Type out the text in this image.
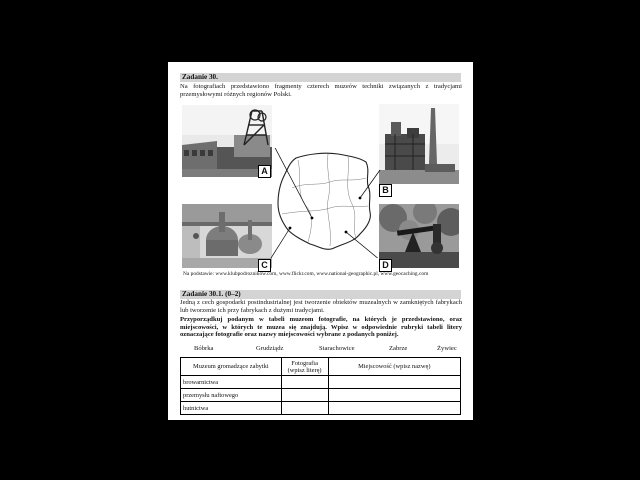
Zadanie 30.
Na fotografiach przedstawiono fragmenty czterech muzeów techniki związanych z tradycjami przemysłowymi różnych regionów Polski.
A
B
C	D
Na podstawie: www.klubpodroznikow.com, www.flickr.com, www.national-geographic.pl, www.geocaching.com
Zadanie 30.1. (0–2)
Jedną z cech gospodarki postindustrialnej jest tworzenie obiektów muzealnych w zamkniętych fabrykach lub tworzenie ich przy fabrykach z dużymi tradycjami.
Przyporządkuj podanym w tabeli muzeom fotografie, na których je przedstawiono, oraz miejscowości, w których te muzea się znajdują. Wpisz w odpowiednie rubryki tabeli litery oznaczające fotografie oraz nazwy miejscowości wybrane z podanych poniżej.
Bóbrka	Grudziądz	Starachowice	Zabrze	Żywiec
Muzeum gromadzące zabytki	Fotografia (wpisz literę)	Miejscowość (wpisz nazwę)
browarnictwa		
przemysłu naftowego		
hutnictwa		
